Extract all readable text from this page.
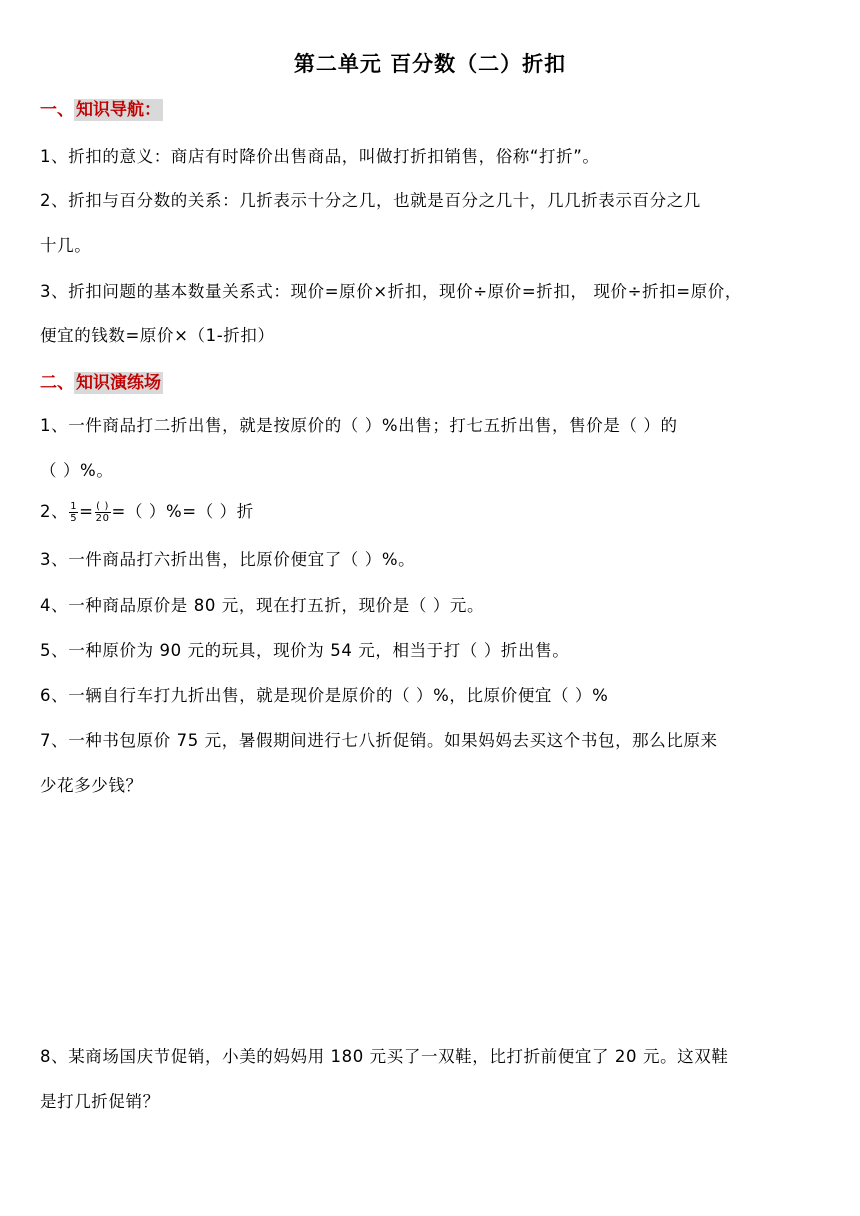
第二单元 百分数（二）折扣
一、 知识导航：
1、折扣的意义：商店有时降价出售商品，叫做打折扣销售，俗称“打折”。
2、折扣与百分数的关系：几折表示十分之几，也就是百分之几十，几几折表示百分之几
十几。
3、折扣问题的基本数量关系式：现价=原价×折扣，现价÷原价=折扣， 现价÷折扣=原价，
便宜的钱数=原价×（1-折扣）
二、 知识演练场
1、一件商品打二折出售，就是按原价的（ ）%出售；打七五折出售，售价是（ ）的
（ ）%。
2、 $\frac{1}{5} = \frac{( )}{20}$ =（ ）%=（ ）折
3、一件商品打六折出售，比原价便宜了（ ）%。
4、一种商品原价是 80 元，现在打五折，现价是（ ）元。
5、一种原价为 90 元的玩具，现价为 54 元，相当于打（ ）折出售。
6、一辆自行车打九折出售，就是现价是原价的（ ）%，比原价便宜（ ）%
7、一种书包原价 75 元，暑假期间进行七八折促销。如果妈妈去买这个书包，那么比原来
少花多少钱？
8、某商场国庆节促销，小美的妈妈用 180 元买了一双鞋，比打折前便宜了 20 元。这双鞋
是打几折促销？
